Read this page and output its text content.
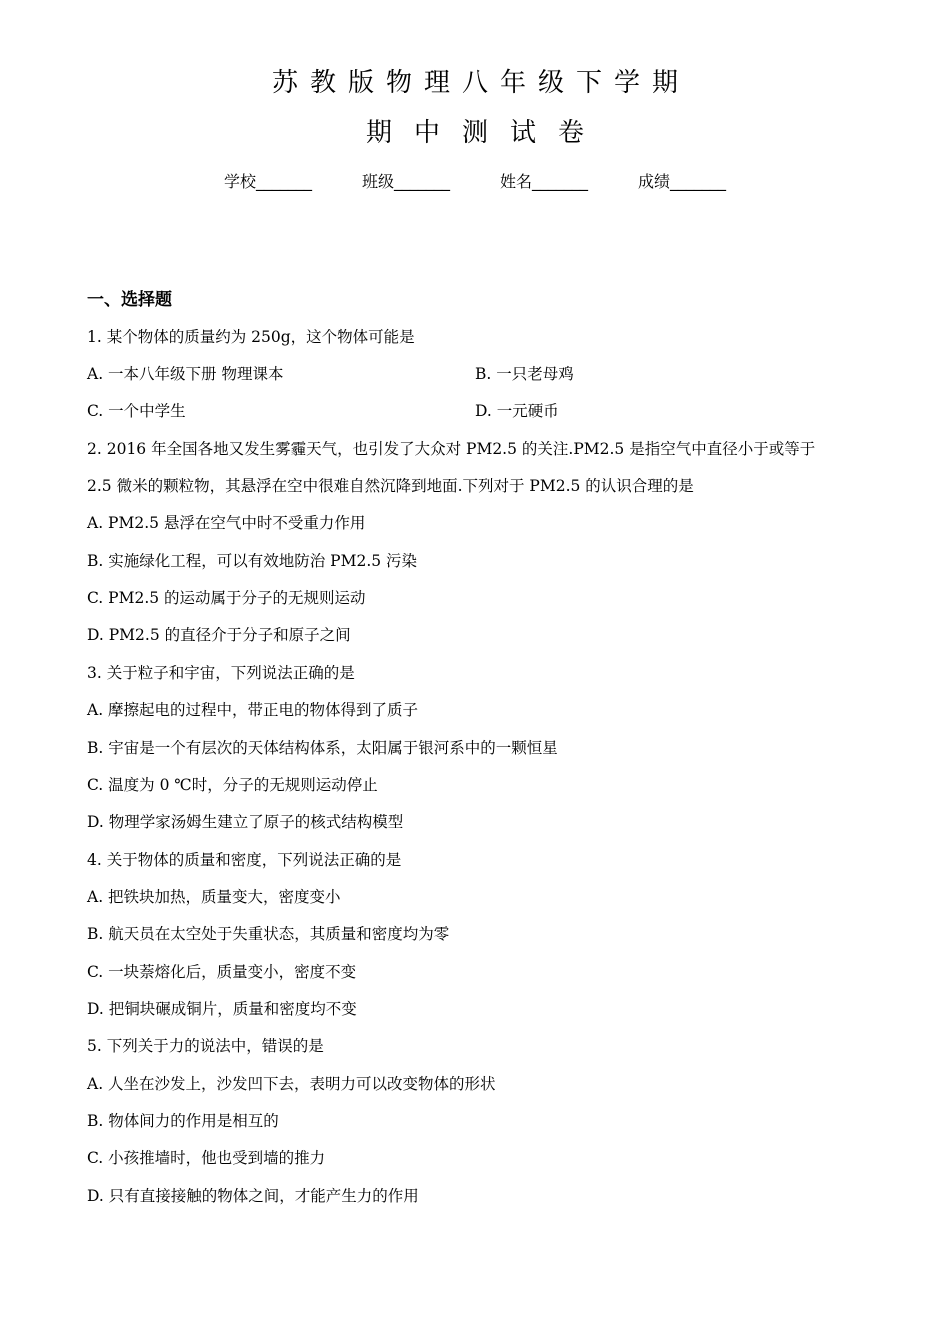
苏教版物理八年级下学期
期中测试卷
学校_______	班级_______	姓名_______	成绩_______
一、选择题
1. 某个物体的质量约为 250g，这个物体可能是
A. 一本八年级下册 物理课本	B. 一只老母鸡
C. 一个中学生	D. 一元硬币
2. 2016 年全国各地又发生雾霾天气，也引发了大众对 PM2.5 的关注.PM2.5 是指空气中直径小于或等于
2.5 微米的颗粒物，其悬浮在空中很难自然沉降到地面.下列对于 PM2.5 的认识合理的是
A. PM2.5 悬浮在空气中时不受重力作用
B. 实施绿化工程，可以有效地防治 PM2.5 污染
C. PM2.5 的运动属于分子的无规则运动
D. PM2.5 的直径介于分子和原子之间
3. 关于粒子和宇宙，下列说法正确的是
A. 摩擦起电的过程中，带正电的物体得到了质子
B. 宇宙是一个有层次的天体结构体系，太阳属于银河系中的一颗恒星
C. 温度为 0 ℃时，分子的无规则运动停止
D. 物理学家汤姆生建立了原子的核式结构模型
4. 关于物体的质量和密度，下列说法正确的是
A. 把铁块加热，质量变大，密度变小
B. 航天员在太空处于失重状态，其质量和密度均为零
C. 一块萘熔化后，质量变小，密度不变
D. 把铜块碾成铜片，质量和密度均不变
5. 下列关于力的说法中，错误的是
A. 人坐在沙发上，沙发凹下去，表明力可以改变物体的形状
B. 物体间力的作用是相互的
C. 小孩推墙时，他也受到墙的推力
D. 只有直接接触的物体之间，才能产生力的作用
